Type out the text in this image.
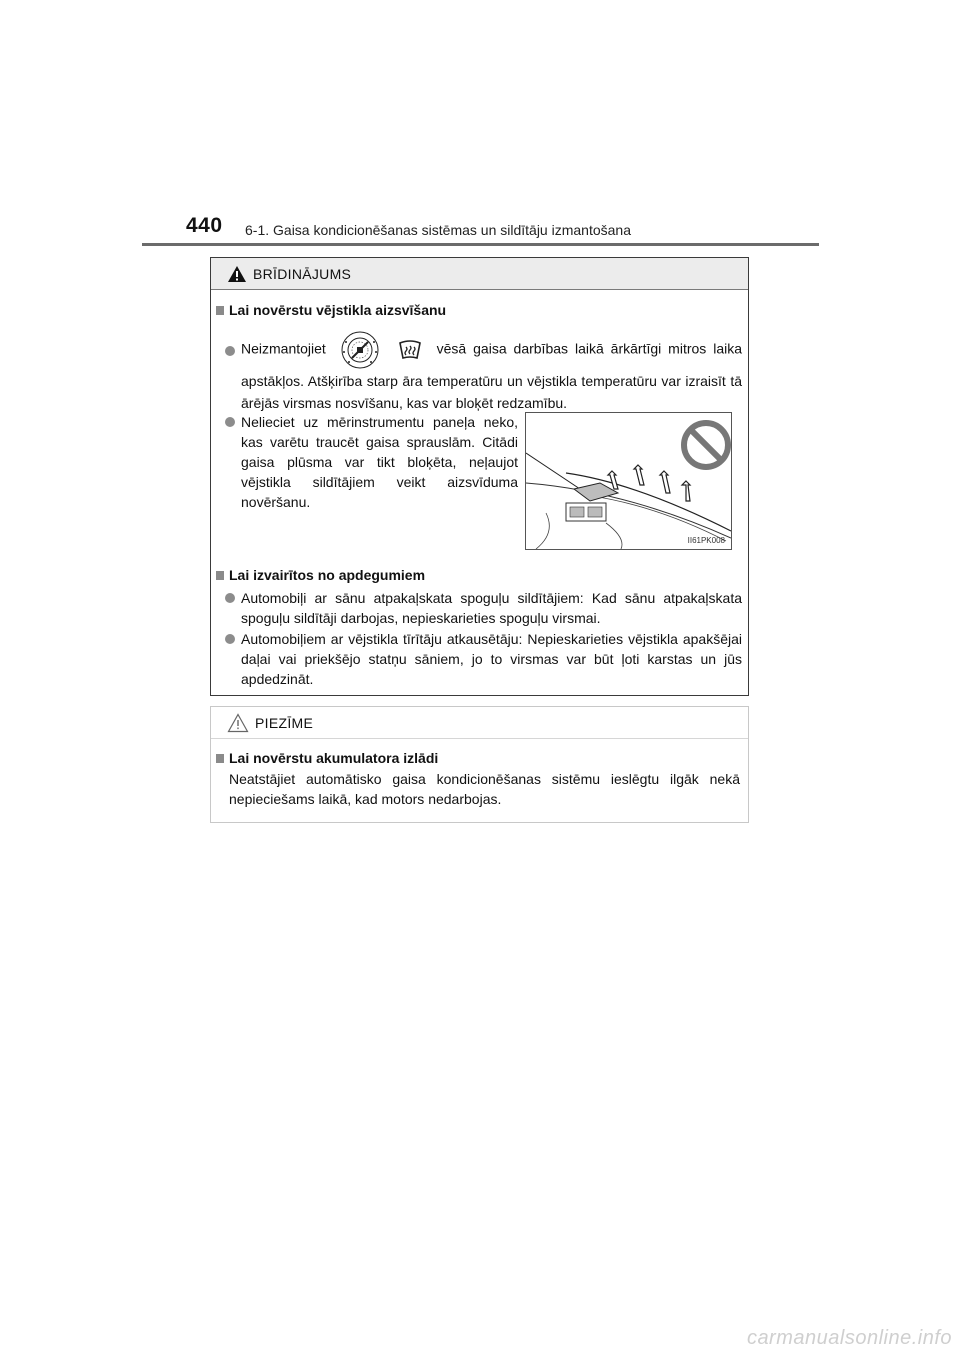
440 6-1. Gaisa kondicionēšanas sistēmas un sildītāju izmantošana
BRĪDINĀJUMS
Lai novērstu vējstikla aizsvīšanu
Neizmantojiet
·
vēsā gaisa darbības laikā ārkārtīgi mitros laika apstākļos. Atšķirība starp āra temperatūru un vējstikla temperatūru var izraisīt tā ārējās virsmas nosvīšanu, kas var bloķēt redzamību.
Nelieciet uz mērinstrumentu paneļa neko, kas varētu traucēt gaisa sprauslām. Citādi gaisa plūsma var tikt bloķēta, neļaujot vējstikla sildītājiem veikt aizsvīduma novēršanu.
II61PK008
Lai izvairītos no apdegumiem
Automobiļi ar sānu atpakaļskata spoguļu sildītājiem: Kad sānu atpakaļskata spoguļu sildītāji darbojas, nepieskarieties spoguļu virsmai.
Automobiļiem ar vējstikla tīrītāju atkausētāju: Nepieskarieties vējstikla apakšējai daļai vai priekšējo statņu sāniem, jo to virsmas var būt ļoti karstas un jūs apdedzināt.
PIEZĪME
Lai novērstu akumulatora izlādi
Neatstājiet automātisko gaisa kondicionēšanas sistēmu ieslēgtu ilgāk nekā nepieciešams laikā, kad motors nedarbojas.
carmanualsonline.info
